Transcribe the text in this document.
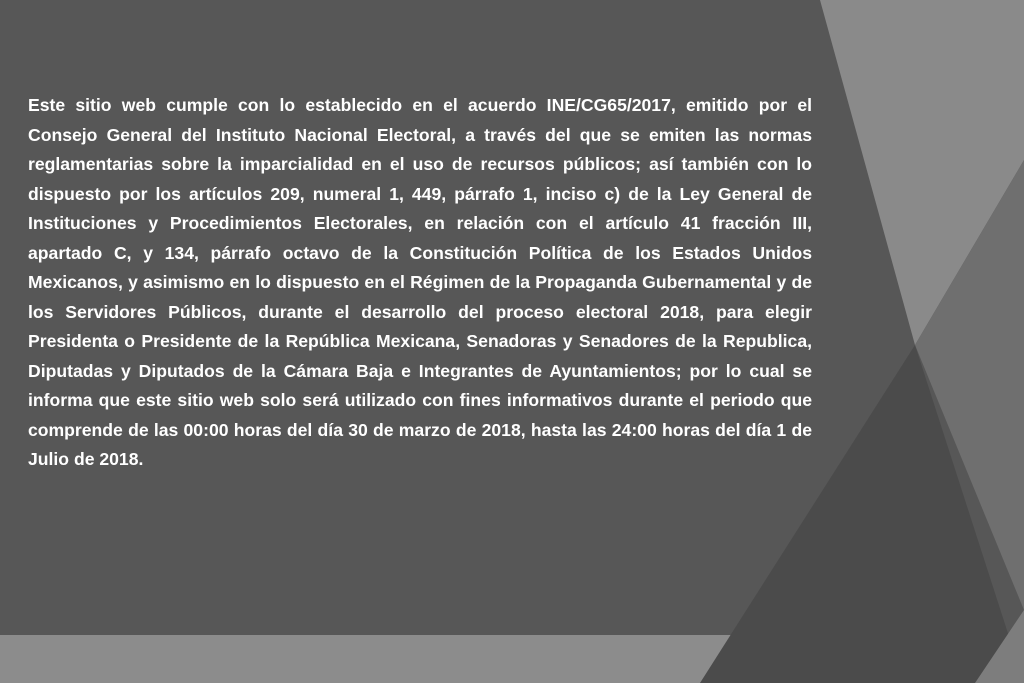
Este sitio web cumple con lo establecido en el acuerdo INE/CG65/2017, emitido por el Consejo General del Instituto Nacional Electoral, a través del que se emiten las normas reglamentarias sobre la imparcialidad en el uso de recursos públicos; así también con lo dispuesto por los artículos 209, numeral 1, 449, párrafo 1, inciso c) de la Ley General de Instituciones y Procedimientos Electorales, en relación con el artículo 41 fracción III, apartado C, y 134, párrafo octavo de la Constitución Política de los Estados Unidos Mexicanos, y asimismo en lo dispuesto en el Régimen de la Propaganda Gubernamental y de los Servidores Públicos, durante el desarrollo del proceso electoral 2018, para elegir Presidenta o Presidente de la República Mexicana, Senadoras y Senadores de la Republica, Diputadas y Diputados de la Cámara Baja e Integrantes de Ayuntamientos; por lo cual se informa que este sitio web solo será utilizado con fines informativos durante el periodo que comprende de las 00:00 horas del día 30 de marzo de 2018, hasta las 24:00 horas del día 1 de Julio de 2018.
